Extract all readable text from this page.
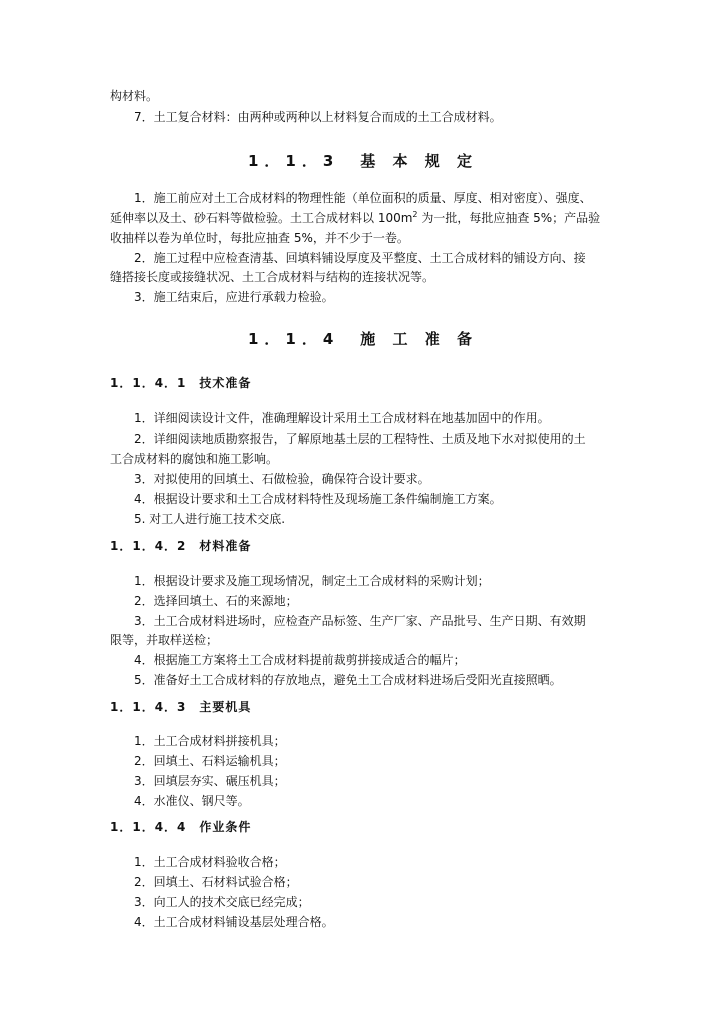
构材料。
7．土工复合材料：由两种或两种以上材料复合而成的土工合成材料。
1．1．3　基 本 规 定
1．施工前应对土工合成材料的物理性能（单位面积的质量、厚度、相对密度）、强度、
延伸率以及土、砂石料等做检验。土工合成材料以 $100m^2$ 为一批，每批应抽查 5%；产品验
收抽样以卷为单位时，每批应抽查 5%，并不少于一卷。
2．施工过程中应检查清基、回填料铺设厚度及平整度、土工合成材料的铺设方向、接
缝搭接长度或接缝状况、土工合成材料与结构的连接状况等。
3．施工结束后，应进行承载力检验。
1．1．4　施 工 准 备
1．1．4．1　技术准备
1．详细阅读设计文件，准确理解设计采用土工合成材料在地基加固中的作用。
2．详细阅读地质勘察报告，了解原地基土层的工程特性、土质及地下水对拟使用的土
工合成材料的腐蚀和施工影响。
3．对拟使用的回填土、石做检验，确保符合设计要求。
4．根据设计要求和土工合成材料特性及现场施工条件编制施工方案。
5. 对工人进行施工技术交底.
1．1．4．2　材料准备
1．根据设计要求及施工现场情况，制定土工合成材料的采购计划；
2．选择回填土、石的来源地；
3．土工合成材料进场时，应检查产品标签、生产厂家、产品批号、生产日期、有效期
限等，并取样送检；
4．根据施工方案将土工合成材料提前裁剪拼接成适合的幅片；
5．准备好土工合成材料的存放地点，避免土工合成材料进场后受阳光直接照晒。
1．1．4．3　主要机具
1．土工合成材料拼接机具；
2．回填土、石料运输机具；
3．回填层夯实、碾压机具；
4．水准仪、钢尺等。
1．1．4．4　作业条件
1．土工合成材料验收合格；
2．回填土、石材料试验合格；
3．向工人的技术交底已经完成；
4．土工合成材料铺设基层处理合格。
